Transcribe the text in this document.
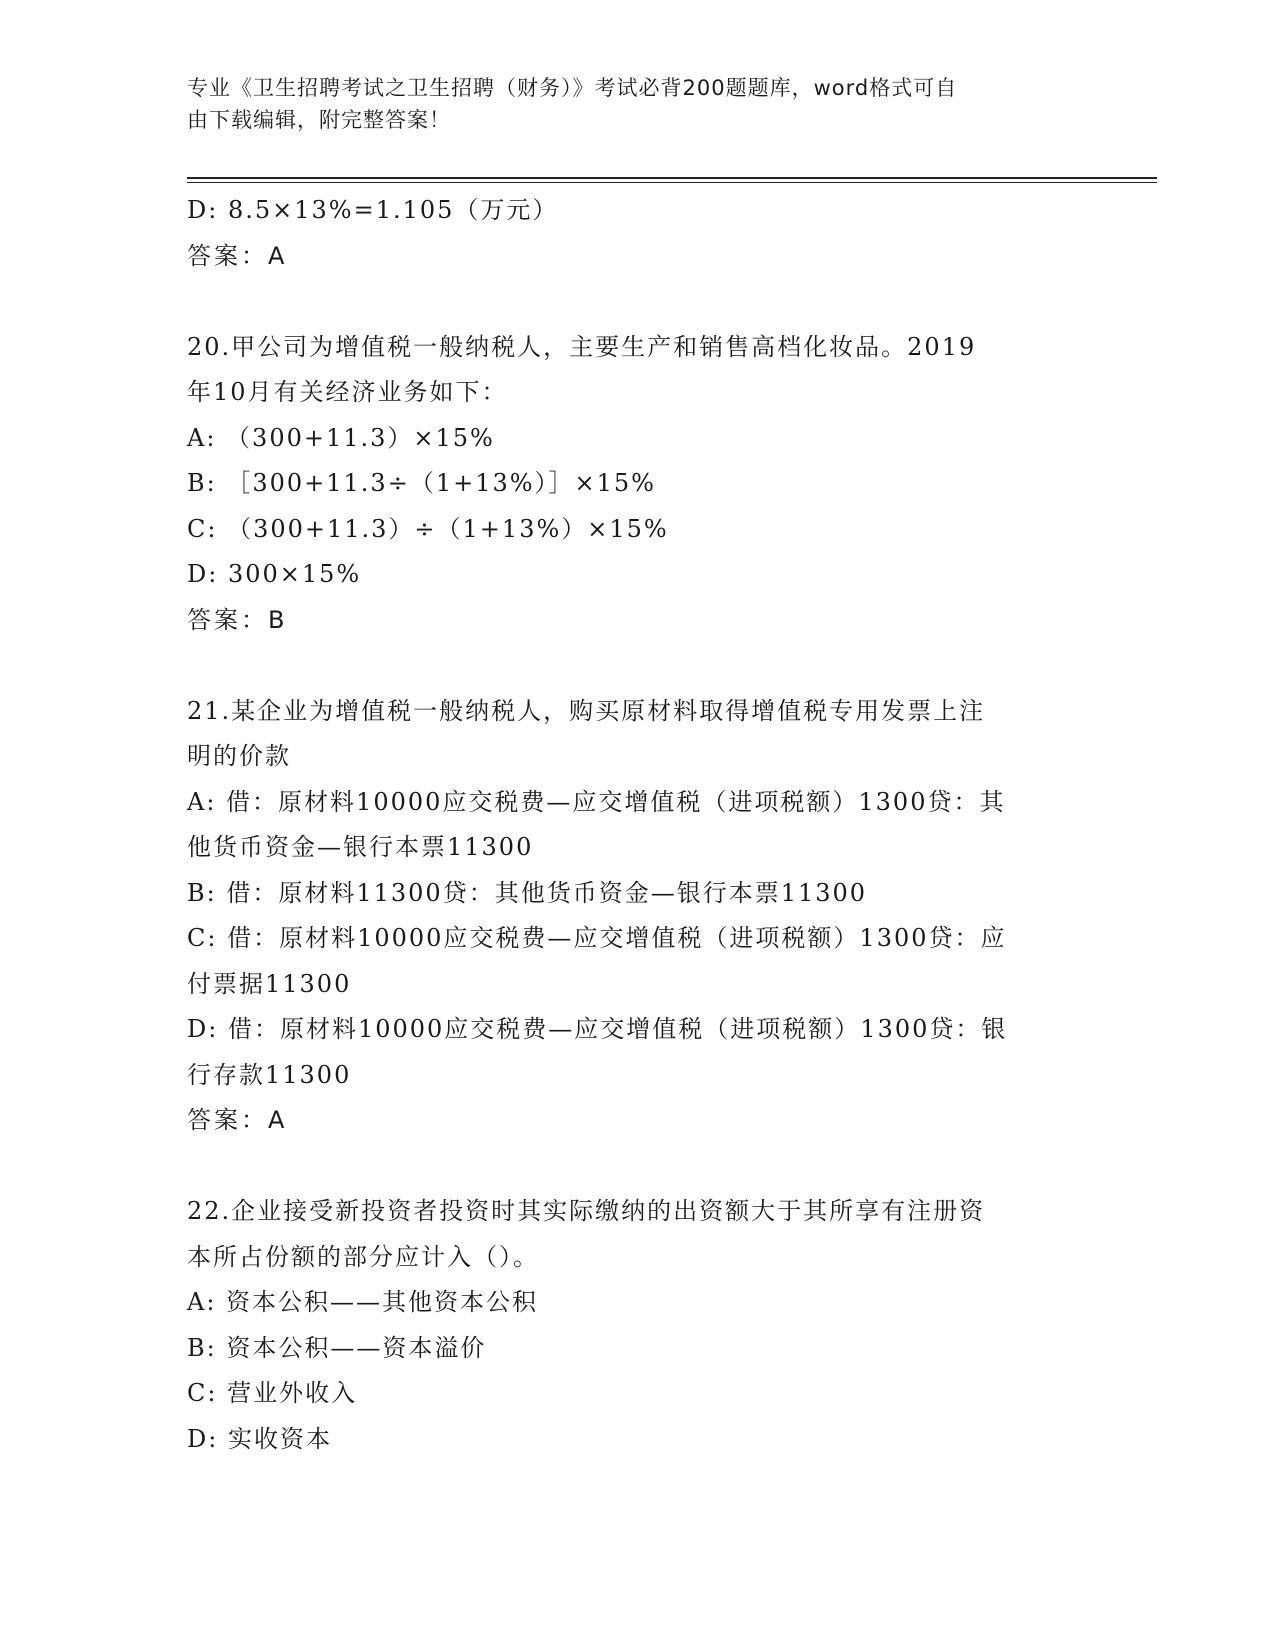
专业《卫生招聘考试之卫生招聘（财务）》考试必背200题题库，word格式可自
由下载编辑，附完整答案！
D: 8.5×13%=1.105（万元）
答案：A
20.甲公司为增值税一般纳税人，主要生产和销售高档化妆品。2019
年10月有关经济业务如下：
A: （300+11.3）×15%
B: ［300+11.3÷（1+13%）］×15%
C: （300+11.3）÷（1+13%）×15%
D: 300×15%
答案：B
21.某企业为增值税一般纳税人，购买原材料取得增值税专用发票上注
明的价款
A: 借：原材料10000应交税费—应交增值税（进项税额）1300贷：其
他货币资金—银行本票11300
B: 借：原材料11300贷：其他货币资金—银行本票11300
C: 借：原材料10000应交税费—应交增值税（进项税额）1300贷：应
付票据11300
D: 借：原材料10000应交税费—应交增值税（进项税额）1300贷：银
行存款11300
答案：A
22.企业接受新投资者投资时其实际缴纳的出资额大于其所享有注册资
本所占份额的部分应计入（）。
A: 资本公积——其他资本公积
B: 资本公积——资本溢价
C: 营业外收入
D: 实收资本
